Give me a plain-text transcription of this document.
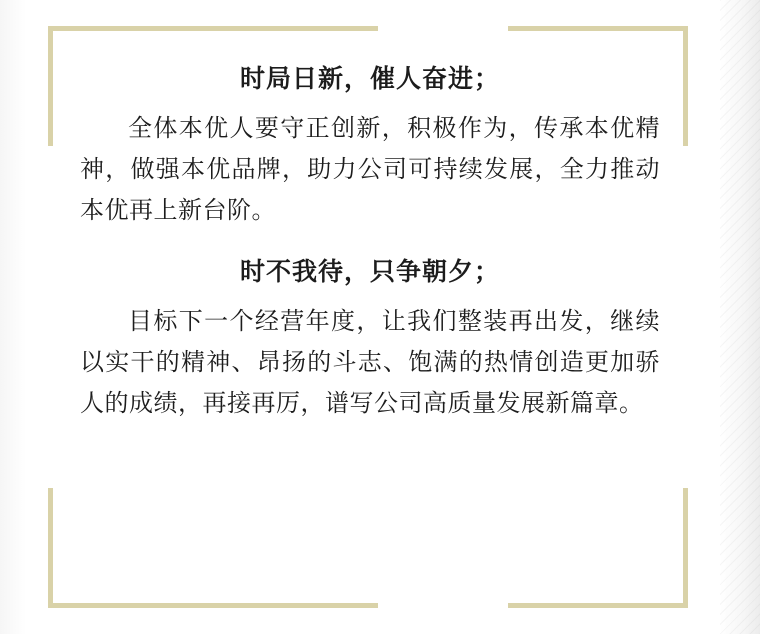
时局日新，催人奋进；

全体本优人要守正创新，积极作为，传承本优精神，做强本优品牌，助力公司可持续发展，全力推动本优再上新台阶。

时不我待，只争朝夕；

目标下一个经营年度，让我们整装再出发，继续以实干的精神、昂扬的斗志、饱满的热情创造更加骄人的成绩，再接再厉，谱写公司高质量发展新篇章。
